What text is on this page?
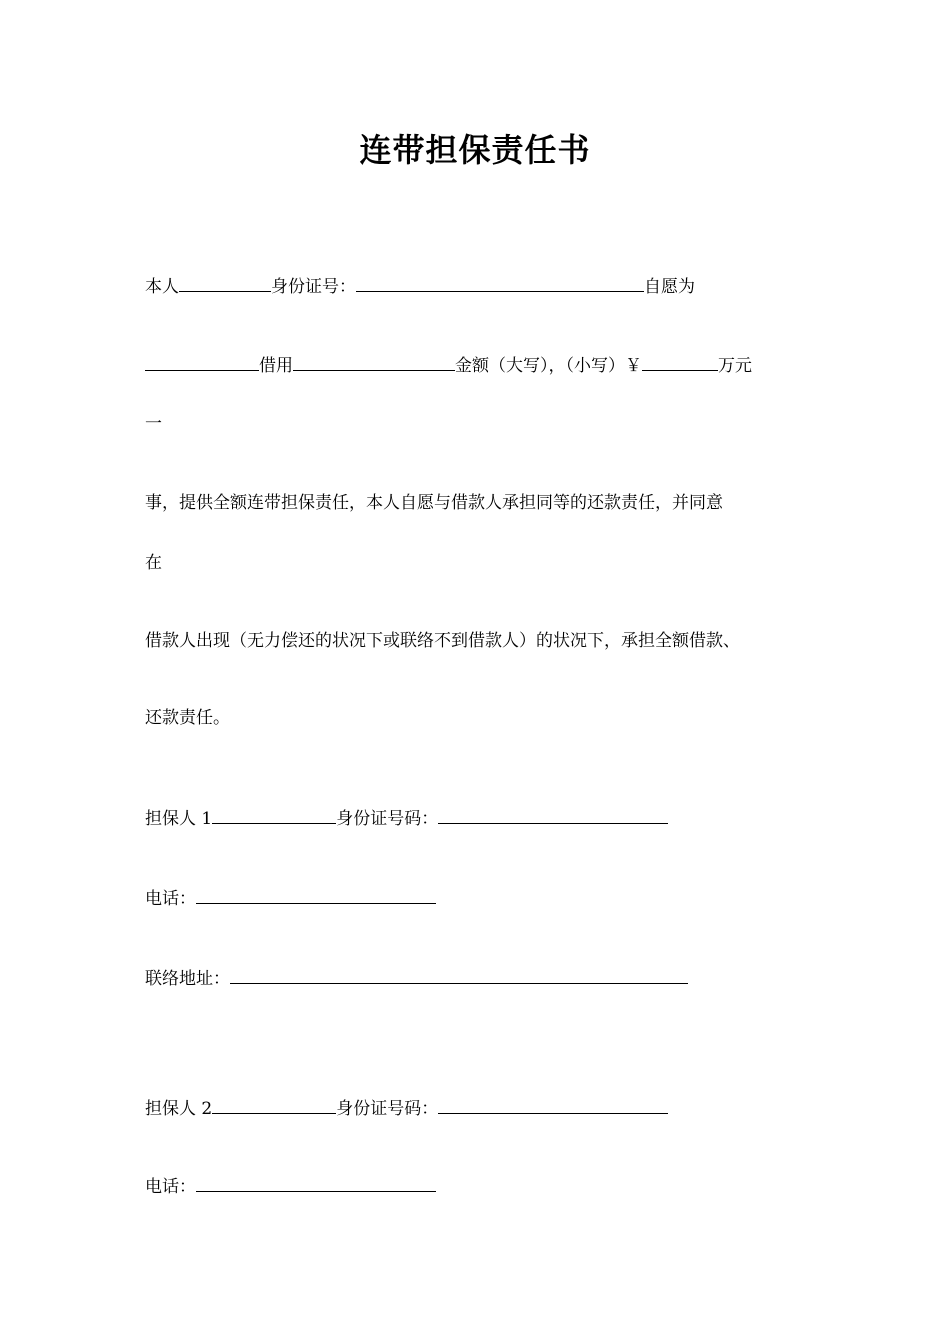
连带担保责任书
本人	身份证号：	自愿为
借用	金额（大写），（小写）￥	万元
一
事，提供全额连带担保责任，本人自愿与借款人承担同等的还款责任，并同意
在
借款人出现（无力偿还的状况下或联络不到借款人）的状况下，承担全额借款、
还款责任。
担保人 1	身份证号码：
电话：
联络地址：
担保人 2	身份证号码：
电话：
